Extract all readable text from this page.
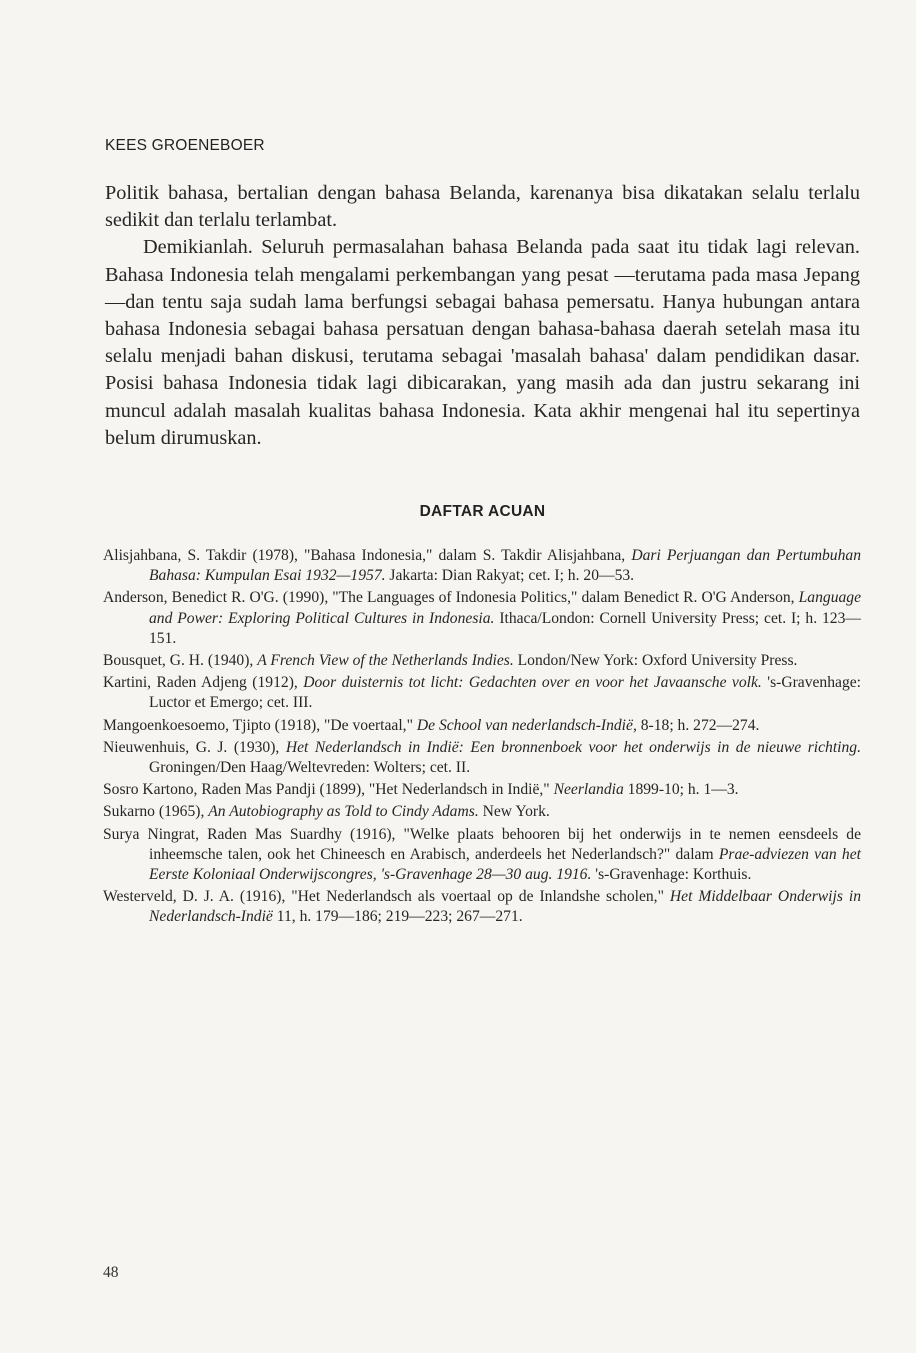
KEES GROENEBOER

Politik bahasa, bertalian dengan bahasa Belanda, karenanya bisa dikatakan selalu terlalu sedikit dan terlalu terlambat.

Demikianlah. Seluruh permasalahan bahasa Belanda pada saat itu tidak lagi relevan. Bahasa Indonesia telah mengalami perkembangan yang pesat —terutama pada masa Jepang—dan tentu saja sudah lama berfungsi sebagai bahasa pemersatu. Hanya hubungan antara bahasa Indonesia sebagai bahasa persatuan dengan bahasa-bahasa daerah setelah masa itu selalu menjadi bahan diskusi, terutama sebagai 'masalah bahasa' dalam pendidikan dasar. Posisi bahasa Indonesia tidak lagi dibicarakan, yang masih ada dan justru sekarang ini muncul adalah masalah kualitas bahasa Indonesia. Kata akhir mengenai hal itu sepertinya belum dirumuskan.

DAFTAR ACUAN
Alisjahbana, S. Takdir (1978), "Bahasa Indonesia," dalam S. Takdir Alisjahbana, Dari Perjuangan dan Pertumbuhan Bahasa: Kumpulan Esai 1932—1957. Jakarta: Dian Rakyat; cet. I; h. 20—53.
Anderson, Benedict R. O'G. (1990), "The Languages of Indonesia Politics," dalam Benedict R. O'G Anderson, Language and Power: Exploring Political Cultures in Indonesia. Ithaca/London: Cornell University Press; cet. I; h. 123—151.
Bousquet, G. H. (1940), A French View of the Netherlands Indies. London/New York: Oxford University Press.
Kartini, Raden Adjeng (1912), Door duisternis tot licht: Gedachten over en voor het Javaansche volk. 's-Gravenhage: Luctor et Emergo; cet. III.
Mangoenkoesoemo, Tjipto (1918), "De voertaal," De School van nederlandsch-Indië, 8-18; h. 272—274.
Nieuwenhuis, G. J. (1930), Het Nederlandsch in Indië: Een bronnenboek voor het onderwijs in de nieuwe richting. Groningen/Den Haag/Weltevreden: Wolters; cet. II.
Sosro Kartono, Raden Mas Pandji (1899), "Het Nederlandsch in Indië," Neerlandia 1899-10; h. 1—3.
Sukarno (1965), An Autobiography as Told to Cindy Adams. New York.
Surya Ningrat, Raden Mas Suardhy (1916), "Welke plaats behooren bij het onderwijs in te nemen eensdeels de inheemsche talen, ook het Chineesch en Arabisch, anderdeels het Nederlandsch?" dalam Prae-adviezen van het Eerste Koloniaal Onderwijscongres, 's-Gravenhage 28—30 aug. 1916. 's-Gravenhage: Korthuis.
Westerveld, D. J. A. (1916), "Het Nederlandsch als voertaal op de Inlandshe scholen," Het Middelbaar Onderwijs in Nederlandsch-Indië 11, h. 179—186; 219—223; 267—271.
48
